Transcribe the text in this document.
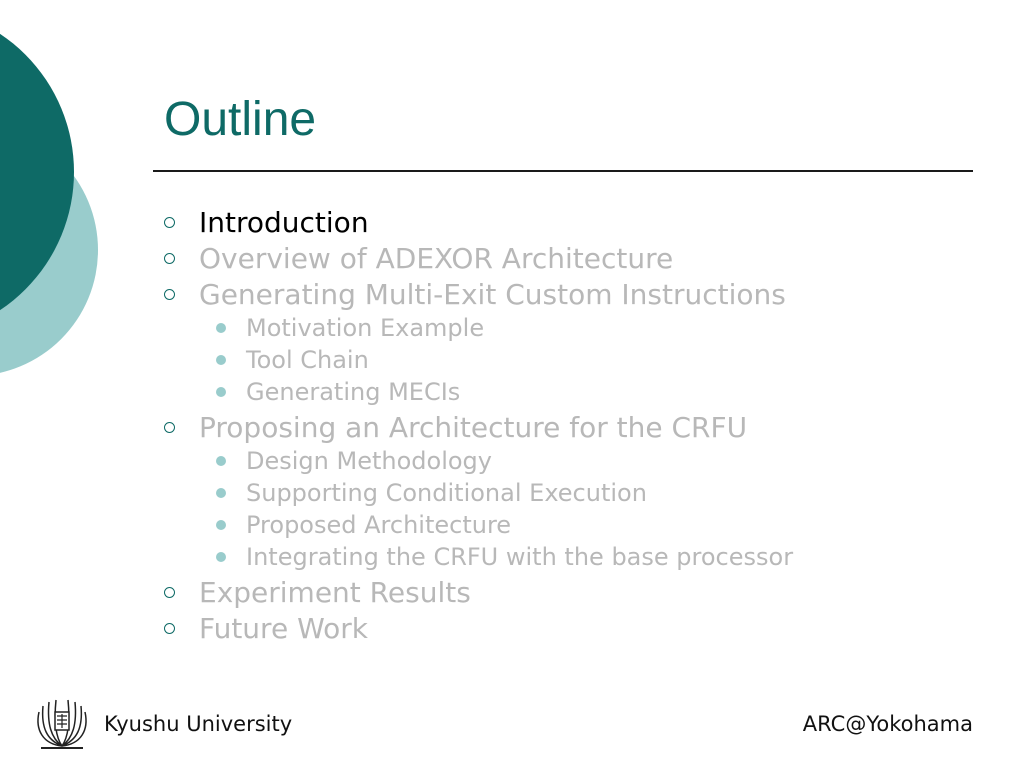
Outline
Introduction
Overview of ADEXOR Architecture
Generating Multi-Exit Custom Instructions
Motivation Example
Tool Chain
Generating MECIs
Proposing an Architecture for the CRFU
Design Methodology
Supporting Conditional Execution
Proposed Architecture
Integrating the CRFU with the base processor
Experiment Results
Future Work
Kyushu University	ARC@Yokohama
